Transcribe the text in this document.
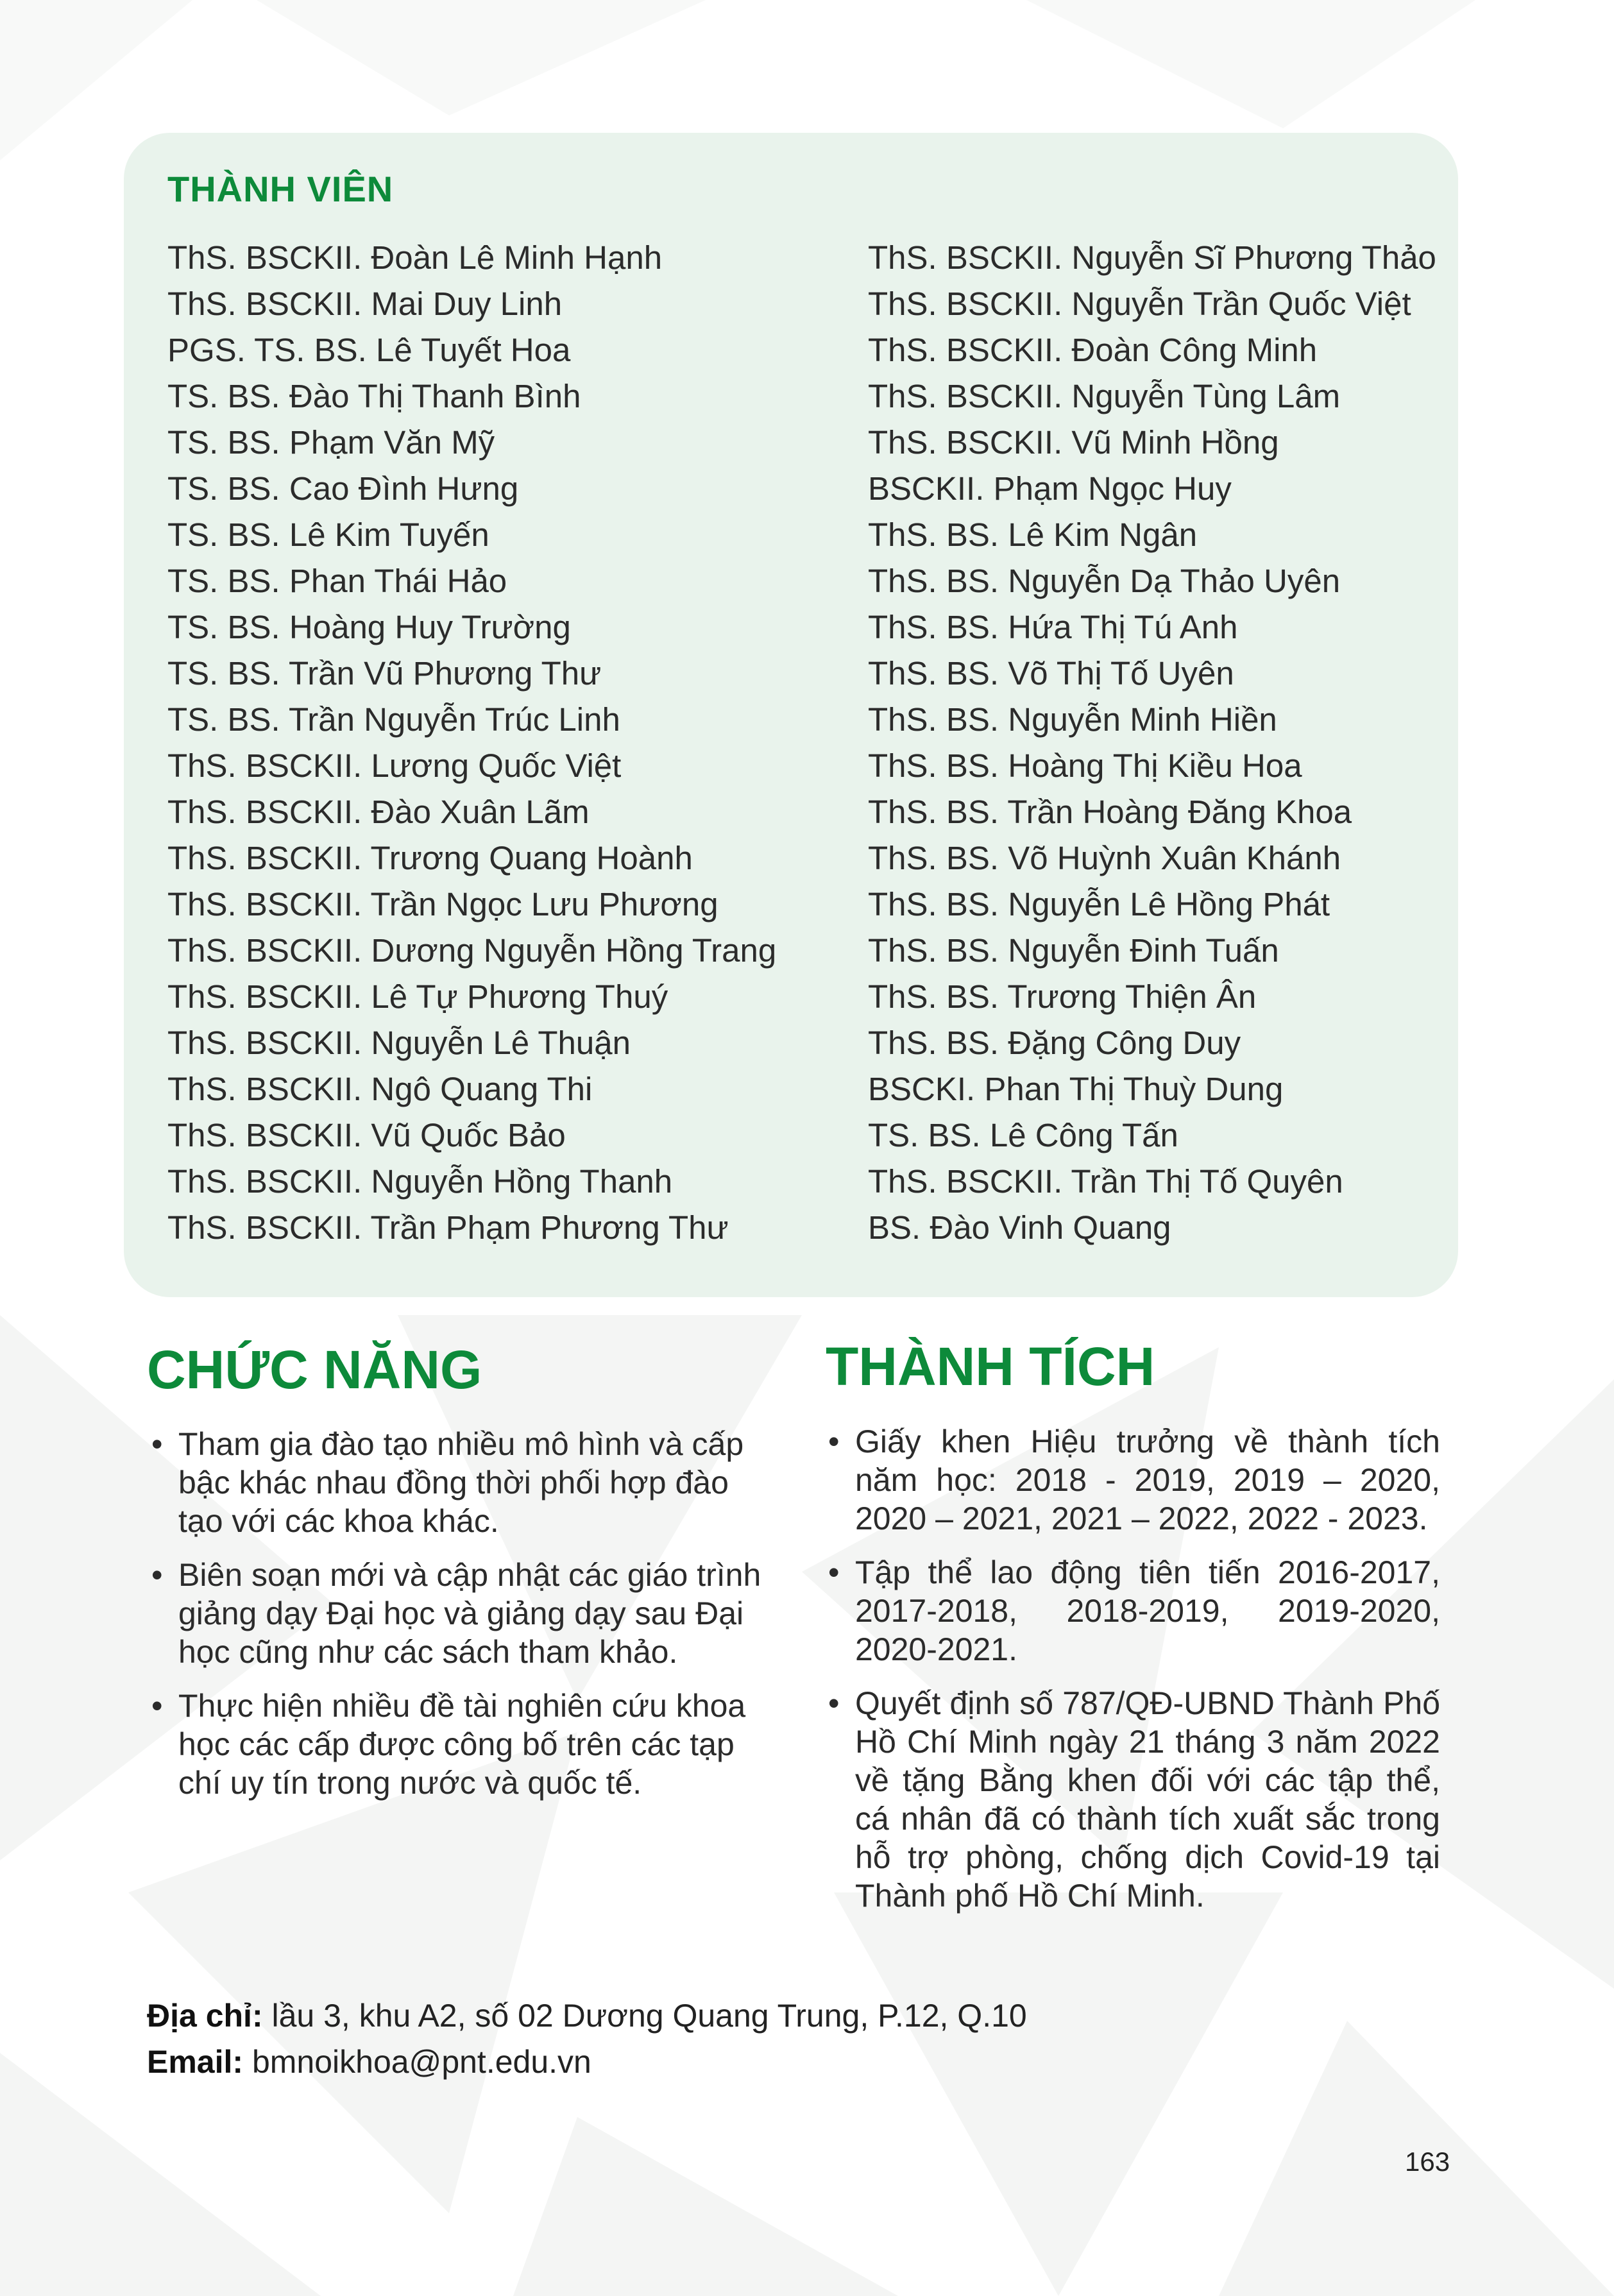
THÀNH VIÊN
ThS. BSCKII. Đoàn Lê Minh Hạnh
ThS. BSCKII. Mai Duy Linh
PGS. TS. BS. Lê Tuyết Hoa
TS. BS. Đào Thị Thanh Bình
TS. BS. Phạm Văn Mỹ
TS. BS. Cao Đình Hưng
TS. BS. Lê Kim Tuyến
TS. BS. Phan Thái Hảo
TS. BS. Hoàng Huy Trường
TS. BS. Trần Vũ Phương Thư
TS. BS. Trần Nguyễn Trúc Linh
ThS. BSCKII. Lương Quốc Việt
ThS. BSCKII. Đào Xuân Lãm
ThS. BSCKII. Trương Quang Hoành
ThS. BSCKII. Trần Ngọc Lưu Phương
ThS. BSCKII. Dương Nguyễn Hồng Trang
ThS. BSCKII. Lê Tự Phương Thuý
ThS. BSCKII. Nguyễn Lê Thuận
ThS. BSCKII. Ngô Quang Thi
ThS. BSCKII. Vũ Quốc Bảo
ThS. BSCKII. Nguyễn Hồng Thanh
ThS. BSCKII. Trần Phạm Phương Thư
ThS. BSCKII. Nguyễn Sĩ Phương Thảo
ThS. BSCKII. Nguyễn Trần Quốc Việt
ThS. BSCKII. Đoàn Công Minh
ThS. BSCKII. Nguyễn Tùng Lâm
ThS. BSCKII. Vũ Minh Hồng
BSCKII. Phạm Ngọc Huy
ThS. BS. Lê Kim Ngân
ThS. BS. Nguyễn Dạ Thảo Uyên
ThS. BS. Hứa Thị Tú Anh
ThS. BS. Võ Thị Tố Uyên
ThS. BS. Nguyễn Minh Hiền
ThS. BS. Hoàng Thị Kiều Hoa
ThS. BS. Trần Hoàng Đăng Khoa
ThS. BS. Võ Huỳnh Xuân Khánh
ThS. BS. Nguyễn Lê Hồng Phát
ThS. BS. Nguyễn Đinh Tuấn
ThS. BS. Trương Thiện Ân
ThS. BS. Đặng Công Duy
BSCKI. Phan Thị Thuỳ Dung
TS. BS. Lê Công Tấn
ThS. BSCKII. Trần Thị Tố Quyên
BS. Đào Vinh Quang
CHỨC NĂNG
• Tham gia đào tạo nhiều mô hình và cấp bậc khác nhau đồng thời phối hợp đào tạo với các khoa khác.
• Biên soạn mới và cập nhật các giáo trình giảng dạy Đại học và giảng dạy sau Đại học cũng như các sách tham khảo.
• Thực hiện nhiều đề tài nghiên cứu khoa học các cấp được công bố trên các tạp chí uy tín trong nước và quốc tế.
THÀNH TÍCH
• Giấy khen Hiệu trưởng về thành tích năm học: 2018 - 2019, 2019 – 2020, 2020 – 2021, 2021 – 2022, 2022 - 2023.
• Tập thể lao động tiên tiến 2016-2017, 2017-2018, 2018-2019, 2019-2020, 2020-2021.
• Quyết định số 787/QĐ-UBND Thành Phố Hồ Chí Minh ngày 21 tháng 3 năm 2022 về tặng Bằng khen đối với các tập thể, cá nhân đã có thành tích xuất sắc trong hỗ trợ phòng, chống dịch Covid-19 tại Thành phố Hồ Chí Minh.
Địa chỉ: lầu 3, khu A2, số 02 Dương Quang Trung, P.12, Q.10
Email: bmnoikhoa@pnt.edu.vn
163
